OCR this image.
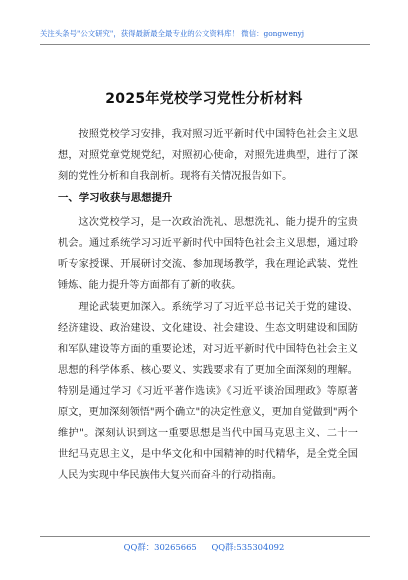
关注头条号"公文研究"，获得最新最全最专业的公文资料库！ 微信：gongwenyj
2025年党校学习党性分析材料

按照党校学习安排，我对照习近平新时代中国特色社会主义思想，对照党章党规党纪，对照初心使命，对照先进典型，进行了深刻的党性分析和自我剖析。现将有关情况报告如下。

一、学习收获与思想提升

这次党校学习，是一次政治洗礼、思想洗礼、能力提升的宝贵机会。通过系统学习习近平新时代中国特色社会主义思想，通过聆听专家授课、开展研讨交流、参加现场教学，我在理论武装、党性锤炼、能力提升等方面都有了新的收获。

理论武装更加深入。系统学习了习近平总书记关于党的建设、经济建设、政治建设、文化建设、社会建设、生态文明建设和国防和军队建设等方面的重要论述，对习近平新时代中国特色社会主义思想的科学体系、核心要义、实践要求有了更加全面深刻的理解。特别是通过学习《习近平著作选读》《习近平谈治国理政》等原著原文，更加深刻领悟"两个确立"的决定性意义，更加自觉做到"两个维护"。深刻认识到这一重要思想是当代中国马克思主义、二十一世纪马克思主义，是中华文化和中国精神的时代精华，是全党全国人民为实现中华民族伟大复兴而奋斗的行动指南。

QQ群：30265665 QQ群:535304092
